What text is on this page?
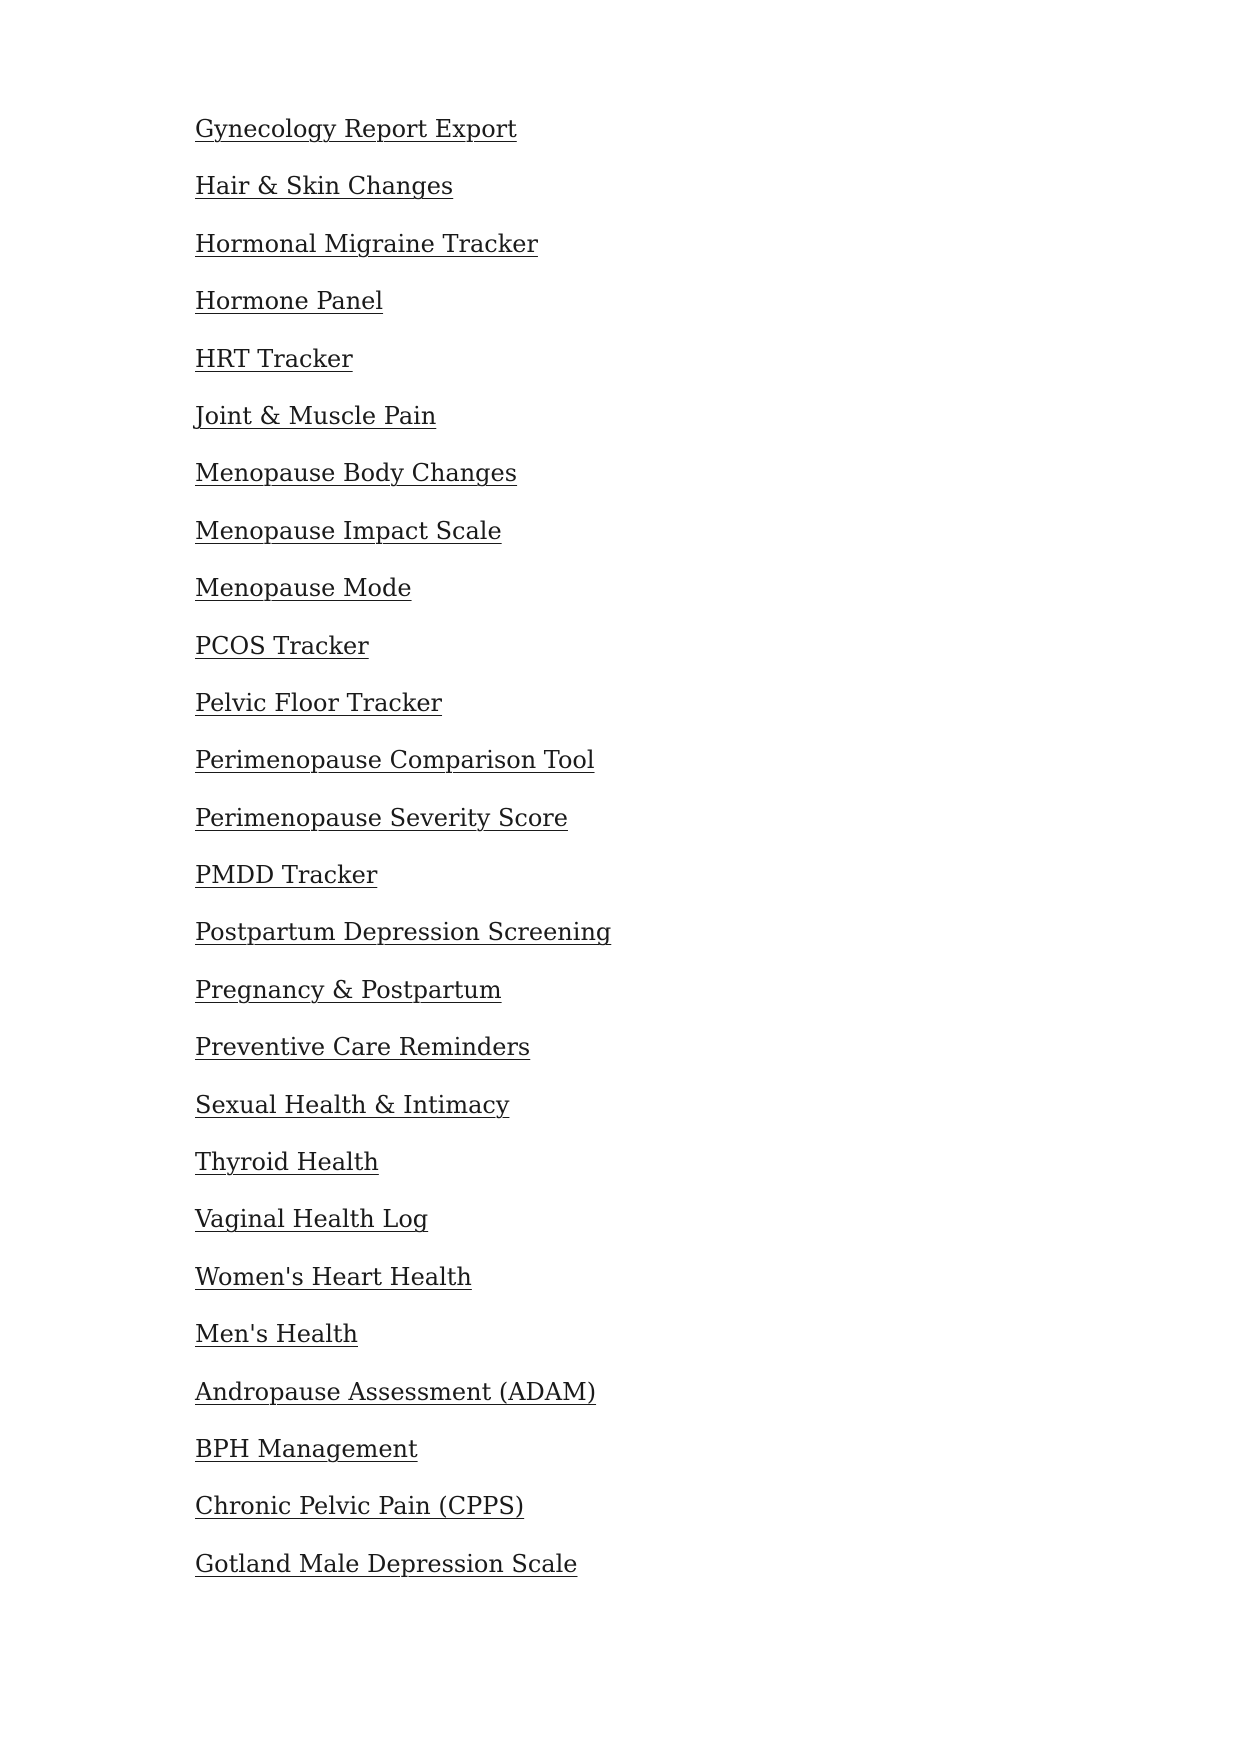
Gynecology Report Export
Hair & Skin Changes
Hormonal Migraine Tracker
Hormone Panel
HRT Tracker
Joint & Muscle Pain
Menopause Body Changes
Menopause Impact Scale
Menopause Mode
PCOS Tracker
Pelvic Floor Tracker
Perimenopause Comparison Tool
Perimenopause Severity Score
PMDD Tracker
Postpartum Depression Screening
Pregnancy & Postpartum
Preventive Care Reminders
Sexual Health & Intimacy
Thyroid Health
Vaginal Health Log
Women's Heart Health
Men's Health
Andropause Assessment (ADAM)
BPH Management
Chronic Pelvic Pain (CPPS)
Gotland Male Depression Scale
